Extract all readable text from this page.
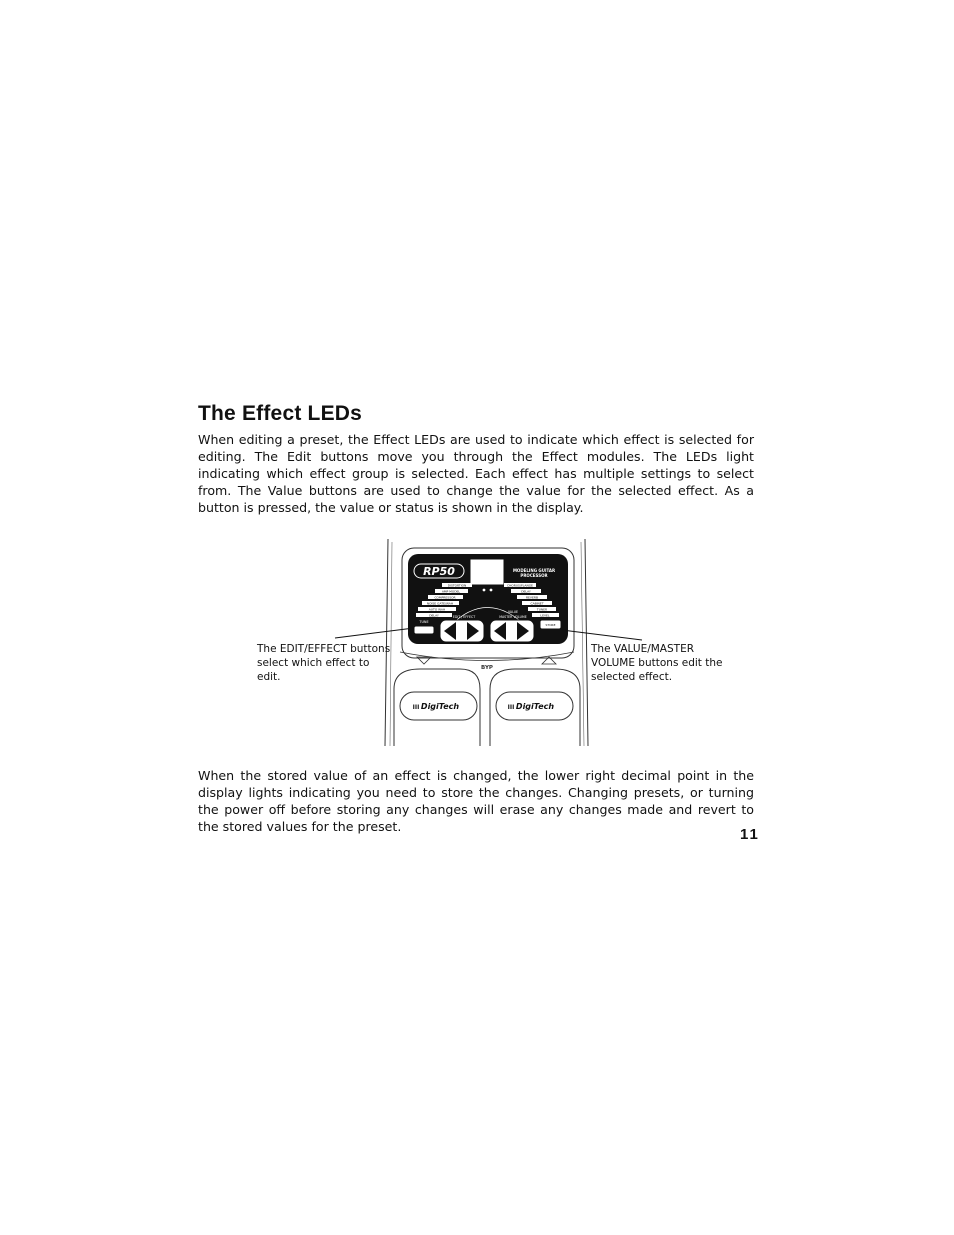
The Effect LEDs

When editing a preset, the Effect LEDs are used to indicate which effect is selected for editing. The Edit buttons move you through the Effect modules. The LEDs light indicating which effect group is selected. Each effect has multiple settings to select from. The Value buttons are used to change the value for the selected effect. As a button is pressed, the value or status is shown in the display.

RP50	MODELING GUITAR
PROCESSOR
DISTORTION
AMP MODEL
COMPRESSOR
NOISE GATE/WAH
AUTO WAH
DELAY
CHORUS/FLANGE
DELAY
REVERB
CABINET
TUNER
LEVEL
TUNE
STORE
EDIT / EFFECT
VALUE
MASTER VOLUME
BYP
III DigiTech	III DigiTech

The EDIT/EFFECT buttons select which effect to edit.

The VALUE/MASTER VOLUME buttons edit the selected effect.

When the stored value of an effect is changed, the lower right decimal point in the display lights indicating you need to store the changes. Changing presets, or turning the power off before storing any changes will erase any changes made and revert to the stored values for the preset.	11
